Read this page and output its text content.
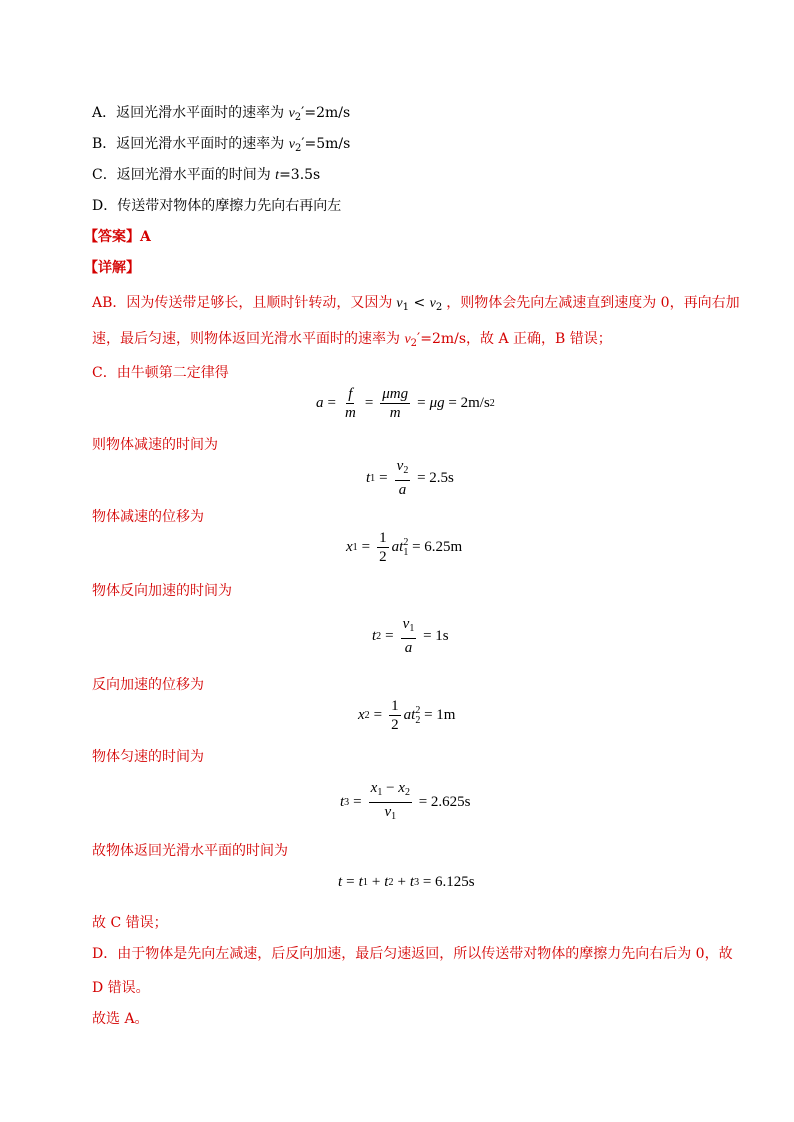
A．返回光滑水平面时的速率为 $v_2'=2m/s$
B．返回光滑水平面时的速率为 $v_2'=5m/s$
C．返回光滑水平面的时间为 t=3.5s
D．传送带对物体的摩擦力先向右再向左
【答案】A
【详解】
AB．因为传送带足够长，且顺时针转动，又因为 $v_1 < v_2$ ，则物体会先向左减速直到速度为 0，再向右加
速，最后匀速，则物体返回光滑水平面时的速率为 $v_2'=2m/s$，故 A 正确，B 错误；
C．由牛顿第二定律得
$a = \frac{f}{m} = \frac{\text{μmg}}{m} = \mu g$
= 2m/s 2
则物体减速的时间为
t $1 = \frac{v_2}{a}$
= 2.5s
物体减速的位移为
x $1 = \frac{1}{2}$ at 2
1
= 6.25m
物体反向加速的时间为
t $2 = \frac{v_1}{a}$
= 1s
反向加速的位移为
x $2 = \frac{1}{2}$ at 2
2
= 1m
物体匀速的时间为
t $3 = \frac{x_1 - x_2}{v_1}$
= 2.625s
故物体返回光滑水平面的时间为
t = t 1 + t 2 + t 3
= 6.125s
故 C 错误；
D．由于物体是先向左减速，后反向加速，最后匀速返回，所以传送带对物体的摩擦力先向右后为 0，故
D 错误。
故选 A。
